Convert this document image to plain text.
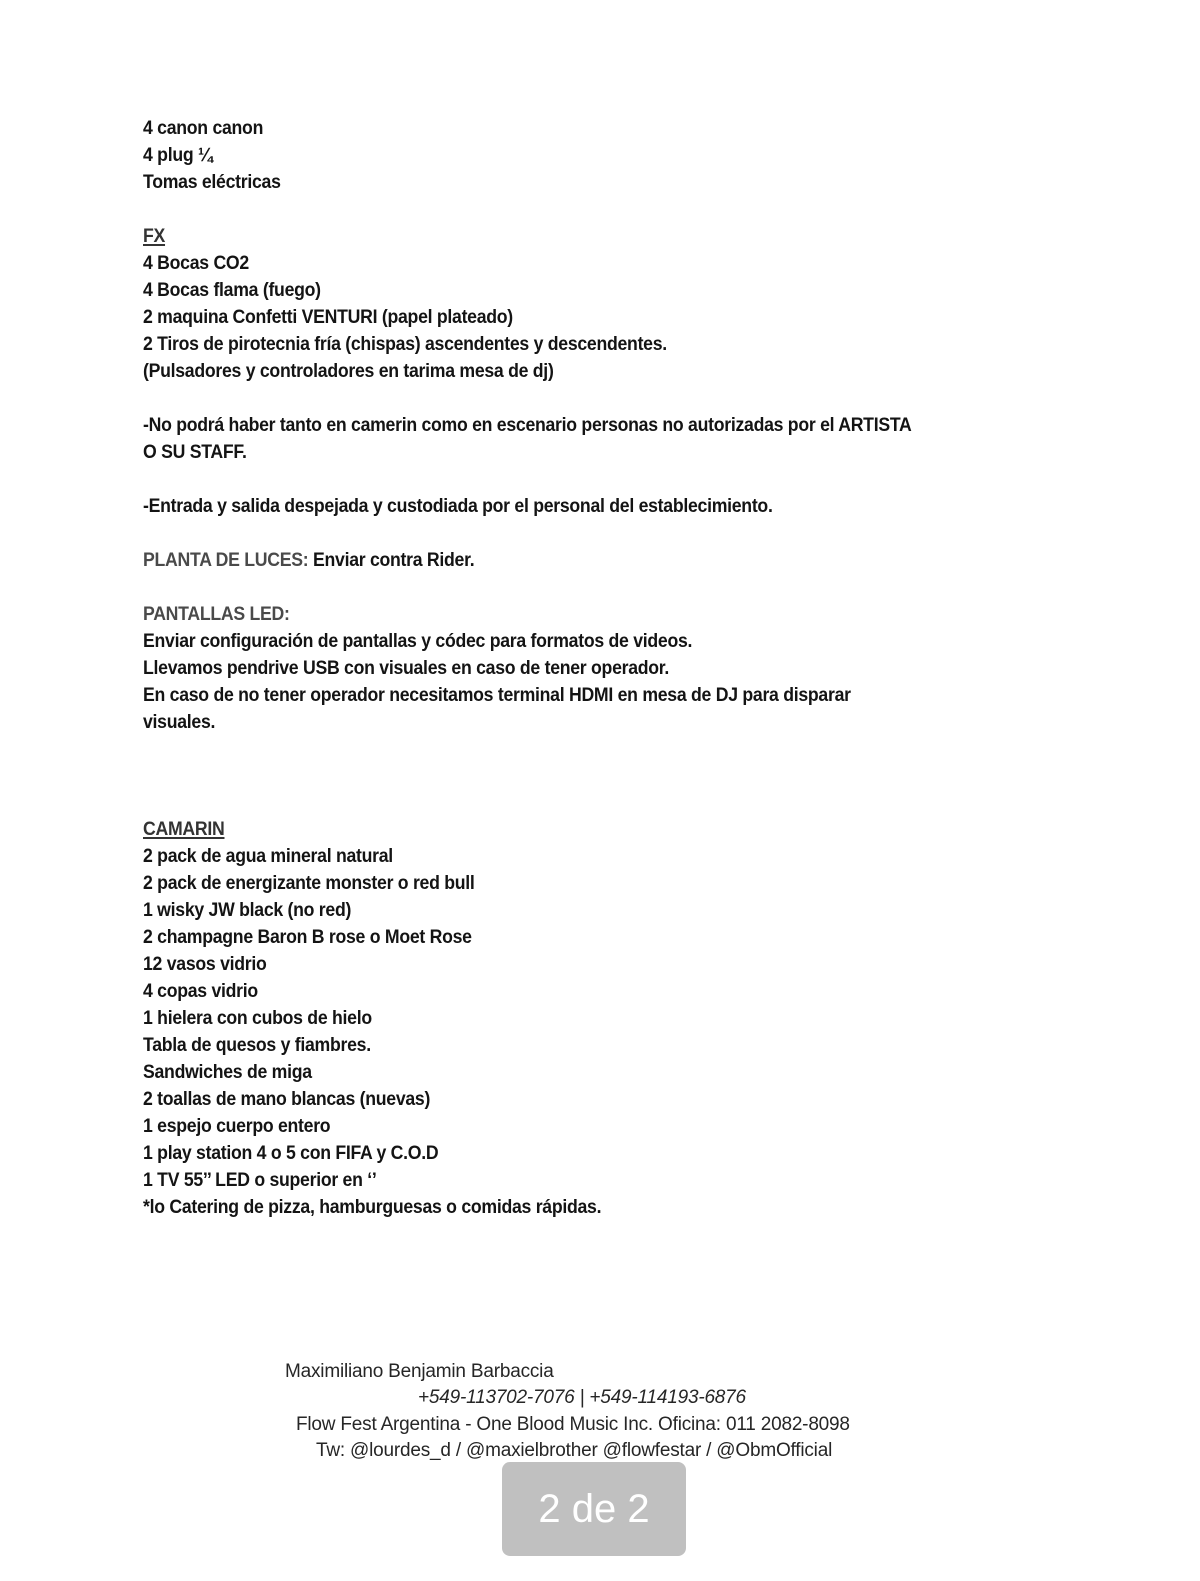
4 canon canon
4 plug ¼
Tomas eléctricas
FX
4 Bocas CO2
4 Bocas flama (fuego)
2 maquina Confetti VENTURI (papel plateado)
2 Tiros de pirotecnia fría (chispas) ascendentes y descendentes.
(Pulsadores y controladores en tarima mesa de dj)
-No podrá haber tanto en camerin como en escenario personas no autorizadas por el ARTISTA
O SU STAFF.
-Entrada y salida despejada y custodiada por el personal del establecimiento.
PLANTA DE LUCES: Enviar contra Rider.
PANTALLAS LED:
Enviar configuración de pantallas y códec para formatos de videos.
Llevamos pendrive USB con visuales en caso de tener operador.
En caso de no tener operador necesitamos terminal HDMI en mesa de DJ para disparar
visuales.
CAMARIN
2 pack de agua mineral natural
2 pack de energizante monster o red bull
1 wisky JW black (no red)
2 champagne Baron B rose o Moet Rose
12 vasos vidrio
4 copas vidrio
1 hielera con cubos de hielo
Tabla de quesos y fiambres.
Sandwiches de miga
2 toallas de mano blancas (nuevas)
1 espejo cuerpo entero
1 play station 4 o 5 con FIFA y C.O.D
1 TV 55’’ LED o superior en ‘’
*lo Catering de pizza, hamburguesas o comidas rápidas.
Maximiliano Benjamin Barbaccia
+549-113702-7076 | +549-114193-6876
Flow Fest Argentina - One Blood Music Inc. Oficina: 011 2082-8098
Tw: @lourdes_d / @maxielbrother @flowfestar / @ObmOfficial
2 de 2
